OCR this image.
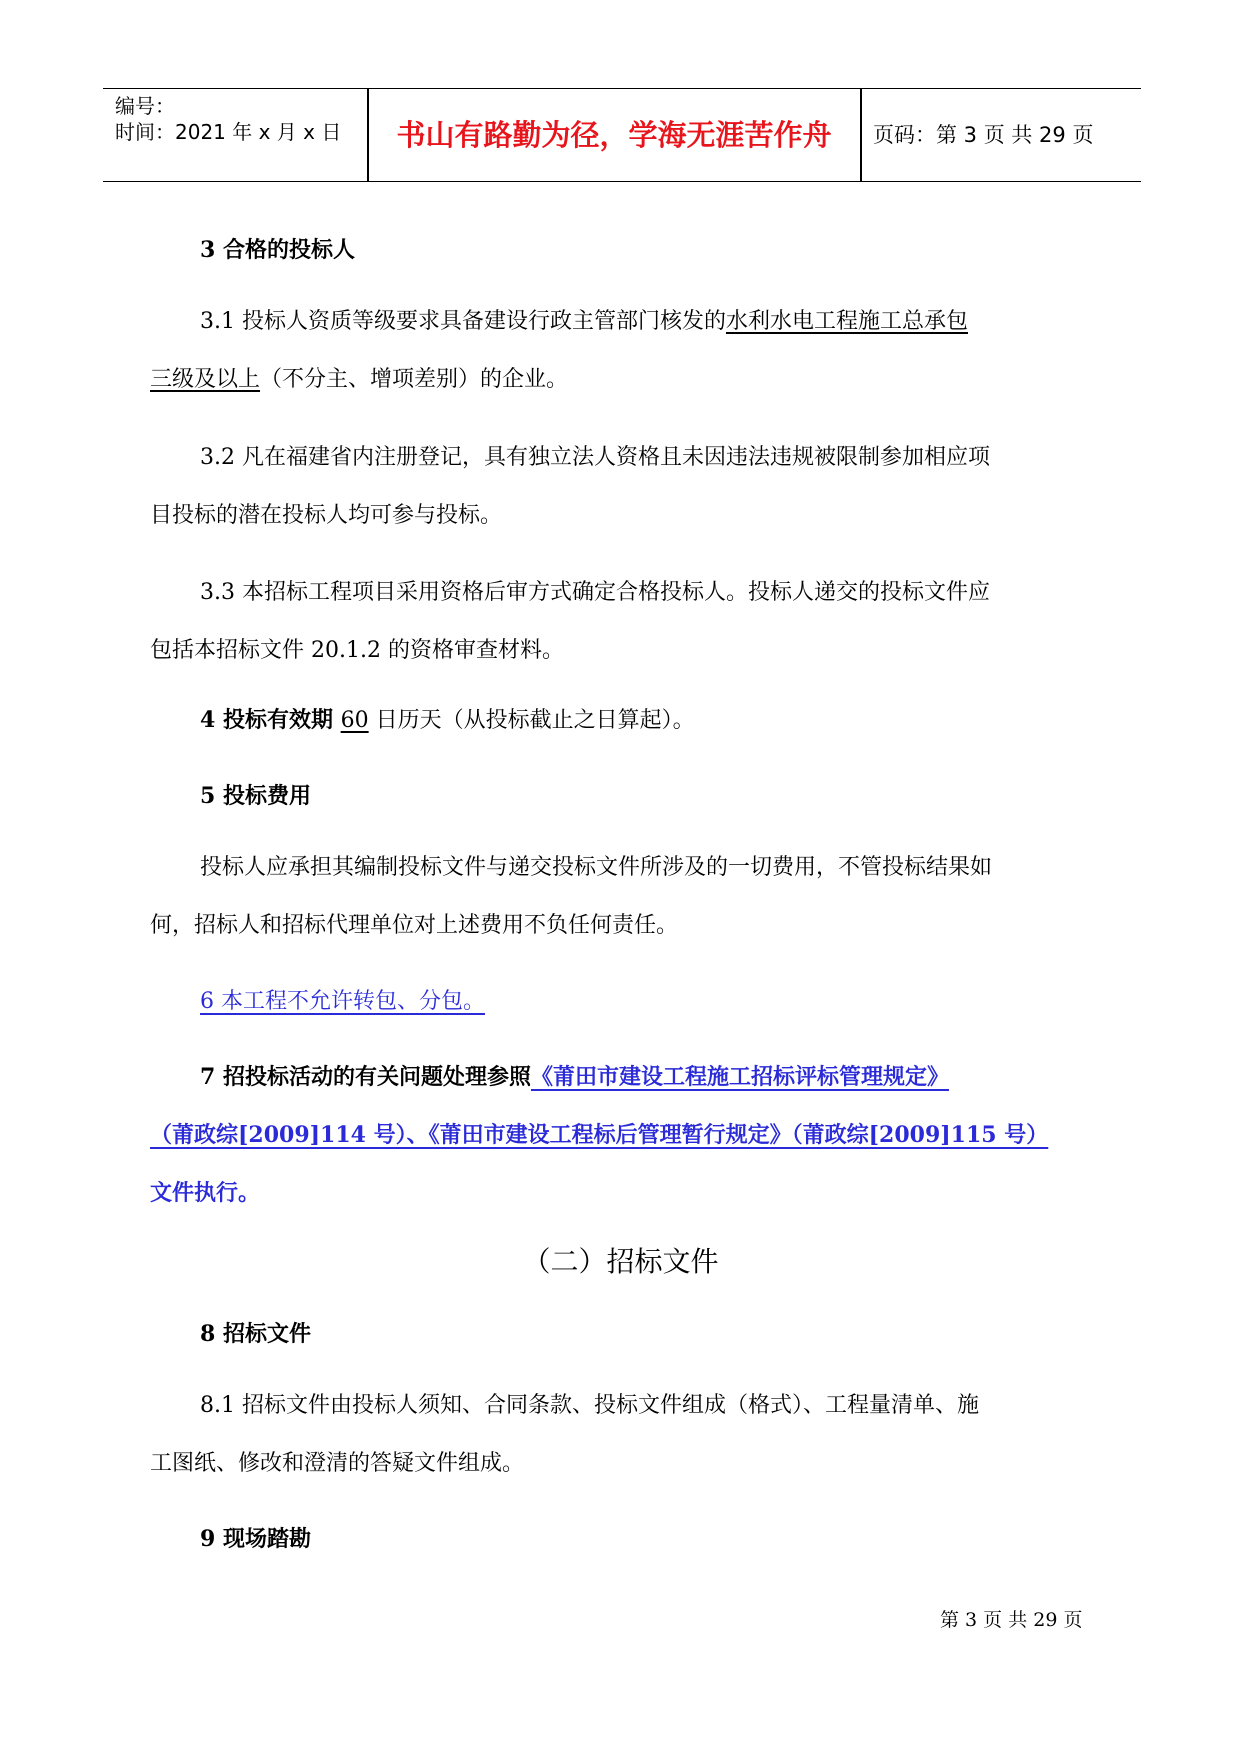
编号：
时间：2021 年 x 月 x 日	书山有路勤为径，学海无涯苦作舟	页码：第 3 页 共 29 页
3 合格的投标人
3.1 投标人资质等级要求具备建设行政主管部门核发的水利水电工程施工总承包
三级及以上（不分主、增项差别）的企业。
3.2 凡在福建省内注册登记，具有独立法人资格且未因违法违规被限制参加相应项
目投标的潜在投标人均可参与投标。
3.3 本招标工程项目采用资格后审方式确定合格投标人。投标人递交的投标文件应
包括本招标文件 20.1.2 的资格审查材料。
4 投标有效期 60 日历天（从投标截止之日算起）。
5 投标费用
投标人应承担其编制投标文件与递交投标文件所涉及的一切费用，不管投标结果如
何，招标人和招标代理单位对上述费用不负任何责任。
6 本工程不允许转包、分包。
7 招投标活动的有关问题处理参照《莆田市建设工程施工招标评标管理规定》
（莆政综[2009]114 号）、《莆田市建设工程标后管理暂行规定》（莆政综[2009]115 号）
文件执行。
（二）招标文件
8 招标文件
8.1 招标文件由投标人须知、合同条款、投标文件组成（格式）、工程量清单、施
工图纸、修改和澄清的答疑文件组成。
9 现场踏勘
第 3 页 共 29 页
